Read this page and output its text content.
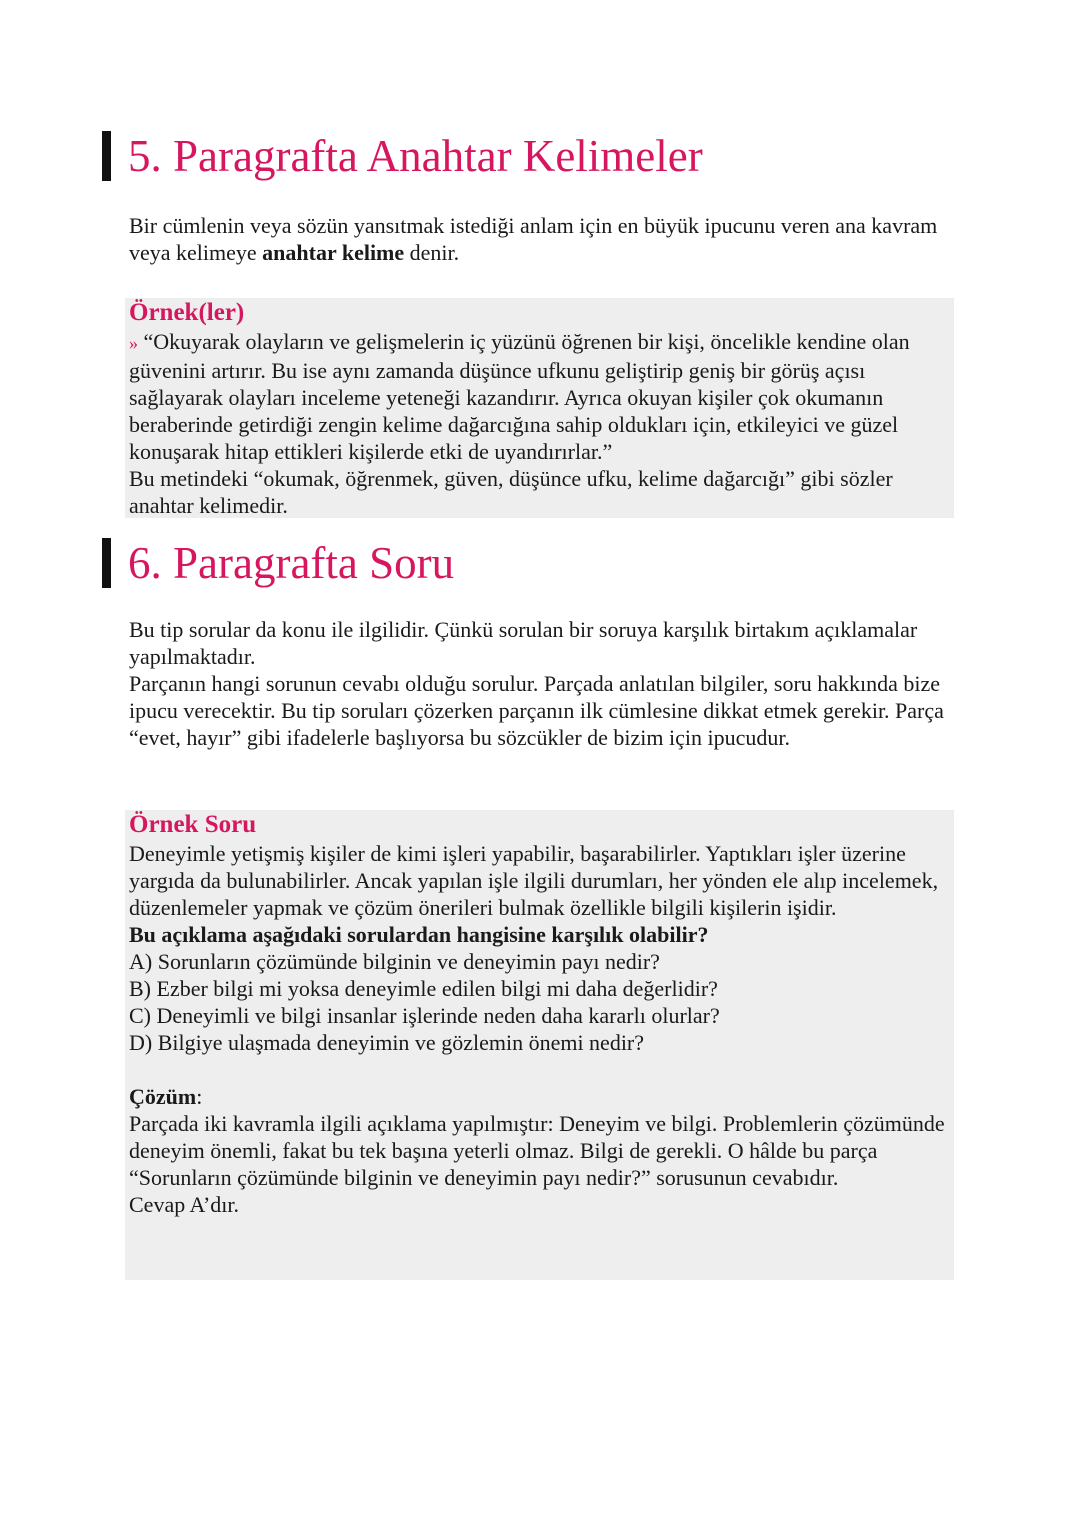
5. Paragrafta Anahtar Kelimeler

Bir cümlenin veya sözün yansıtmak istediği anlam için en büyük ipucunu veren ana kavram veya kelimeye anahtar kelime denir.

Örnek(ler)

» “Okuyarak olayların ve gelişmelerin iç yüzünü öğrenen bir kişi, öncelikle kendine olan güvenini artırır. Bu ise aynı zamanda düşünce ufkunu geliştirip geniş bir görüş açısı sağlayarak olayları inceleme yeteneği kazandırır. Ayrıca okuyan kişiler çok okumanın beraberinde getirdiği zengin kelime dağarcığına sahip oldukları için, etkileyici ve güzel konuşarak hitap ettikleri kişilerde etki de uyandırırlar.”

Bu metindeki “okumak, öğrenmek, güven, düşünce ufku, kelime dağarcığı” gibi sözler anahtar kelimedir.

6. Paragrafta Soru

Bu tip sorular da konu ile ilgilidir. Çünkü sorulan bir soruya karşılık birtakım açıklamalar yapılmaktadır.

Parçanın hangi sorunun cevabı olduğu sorulur. Parçada anlatılan bilgiler, soru hakkında bize ipucu verecektir. Bu tip soruları çözerken parçanın ilk cümlesine dikkat etmek gerekir. Parça “evet, hayır” gibi ifadelerle başlıyorsa bu sözcükler de bizim için ipucudur.

Örnek Soru

Deneyimle yetişmiş kişiler de kimi işleri yapabilir, başarabilirler. Yaptıkları işler üzerine yargıda da bulunabilirler. Ancak yapılan işle ilgili durumları, her yönden ele alıp incelemek, düzenlemeler yapmak ve çözüm önerileri bulmak özellikle bilgili kişilerin işidir.

Bu açıklama aşağıdaki sorulardan hangisine karşılık olabilir?

A) Sorunların çözümünde bilginin ve deneyimin payı nedir?

B) Ezber bilgi mi yoksa deneyimle edilen bilgi mi daha değerlidir?

C) Deneyimli ve bilgi insanlar işlerinde neden daha kararlı olurlar?

D) Bilgiye ulaşmada deneyimin ve gözlemin önemi nedir?

Çözüm:

Parçada iki kavramla ilgili açıklama yapılmıştır: Deneyim ve bilgi. Problemlerin çözümünde deneyim önemli, fakat bu tek başına yeterli olmaz. Bilgi de gerekli. O hâlde bu parça “Sorunların çözümünde bilginin ve deneyimin payı nedir?” sorusunun cevabıdır.

Cevap A’dır.
